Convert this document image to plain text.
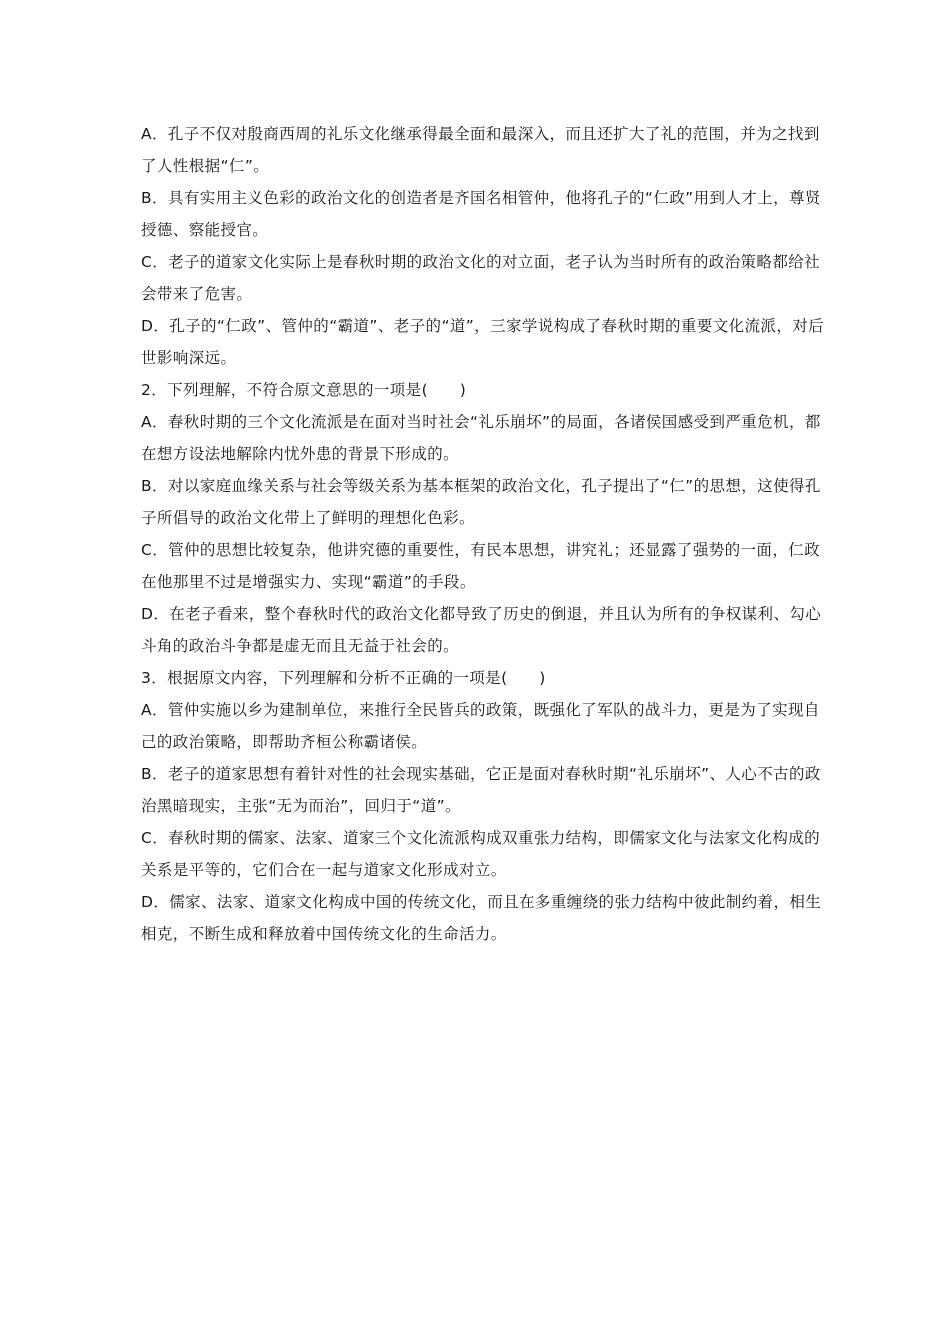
A．孔子不仅对殷商西周的礼乐文化继承得最全面和最深入，而且还扩大了礼的范围，并为之找到了人性根据“仁”。

B．具有实用主义色彩的政治文化的创造者是齐国名相管仲，他将孔子的“仁政”用到人才上，尊贤授德、察能授官。

C．老子的道家文化实际上是春秋时期的政治文化的对立面，老子认为当时所有的政治策略都给社会带来了危害。

D．孔子的“仁政”、管仲的“霸道”、老子的“道”，三家学说构成了春秋时期的重要文化流派，对后世影响深远。

2．下列理解，不符合原文意思的一项是(　　)

A．春秋时期的三个文化流派是在面对当时社会“礼乐崩坏”的局面，各诸侯国感受到严重危机，都在想方设法地解除内忧外患的背景下形成的。

B．对以家庭血缘关系与社会等级关系为基本框架的政治文化，孔子提出了“仁”的思想，这使得孔子所倡导的政治文化带上了鲜明的理想化色彩。

C．管仲的思想比较复杂，他讲究德的重要性，有民本思想，讲究礼；还显露了强势的一面，仁政在他那里不过是增强实力、实现“霸道”的手段。

D．在老子看来，整个春秋时代的政治文化都导致了历史的倒退，并且认为所有的争权谋利、勾心斗角的政治斗争都是虚无而且无益于社会的。

3．根据原文内容，下列理解和分析不正确的一项是(　　)

A．管仲实施以乡为建制单位，来推行全民皆兵的政策，既强化了军队的战斗力，更是为了实现自己的政治策略，即帮助齐桓公称霸诸侯。

B．老子的道家思想有着针对性的社会现实基础，它正是面对春秋时期“礼乐崩坏”、人心不古的政治黑暗现实，主张“无为而治”，回归于“道”。

C．春秋时期的儒家、法家、道家三个文化流派构成双重张力结构，即儒家文化与法家文化构成的关系是平等的，它们合在一起与道家文化形成对立。

D．儒家、法家、道家文化构成中国的传统文化，而且在多重缠绕的张力结构中彼此制约着，相生相克，不断生成和释放着中国传统文化的生命活力。
